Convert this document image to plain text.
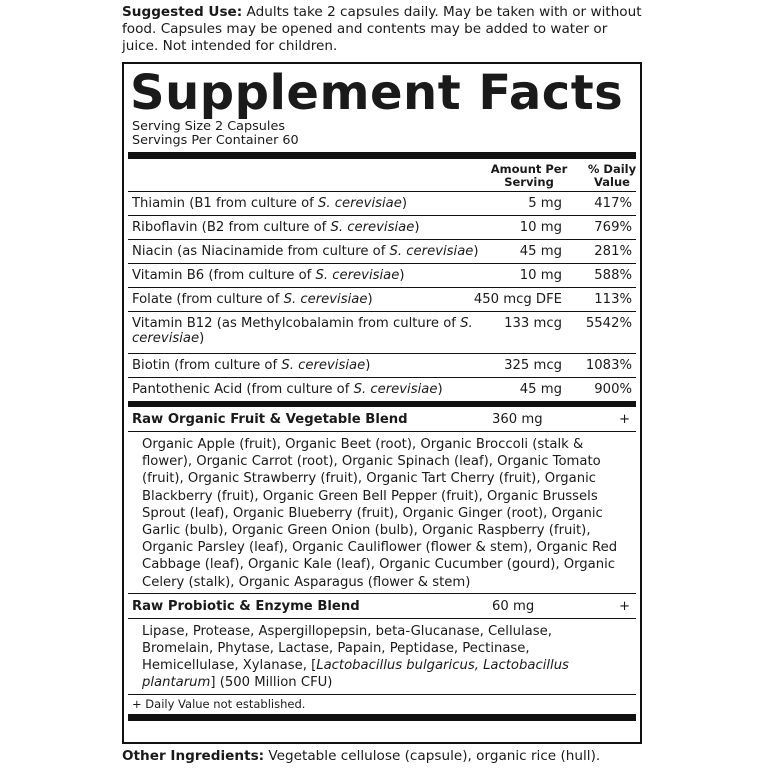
Suggested Use: Adults take 2 capsules daily. May be taken with or without food. Capsules may be opened and contents may be added to water or juice. Not intended for children.
Supplement Facts
Serving Size 2 Capsules
Servings Per Container 60
Amount Per Serving
% Daily Value
Thiamin (B1 from culture of S. cerevisiae)	5 mg 417%
Riboflavin (B2 from culture of S. cerevisiae)	10 mg 769%
Niacin (as Niacinamide from culture of S. cerevisiae)	45 mg 281%
Vitamin B6 (from culture of S. cerevisiae)	10 mg 588%
Folate (from culture of S. cerevisiae)	450 mcg DFE 113%
Vitamin B12 (as Methylcobalamin from culture of S. cerevisiae)
133 mcg 5542%
Biotin (from culture of S. cerevisiae)	325 mcg 1083%
Pantothenic Acid (from culture of S. cerevisiae)	45 mg 900%
Raw Organic Fruit & Vegetable Blend	360 mg	+
Organic Apple (fruit), Organic Beet (root), Organic Broccoli (stalk & flower), Organic Carrot (root), Organic Spinach (leaf), Organic Tomato (fruit), Organic Strawberry (fruit), Organic Tart Cherry (fruit), Organic Blackberry (fruit), Organic Green Bell Pepper (fruit), Organic Brussels Sprout (leaf), Organic Blueberry (fruit), Organic Ginger (root), Organic Garlic (bulb), Organic Green Onion (bulb), Organic Raspberry (fruit), Organic Parsley (leaf), Organic Cauliflower (flower & stem), Organic Red Cabbage (leaf), Organic Kale (leaf), Organic Cucumber (gourd), Organic Celery (stalk), Organic Asparagus (flower & stem)
Raw Probiotic & Enzyme Blend	60 mg	+
Lipase, Protease, Aspergillopepsin, beta-Glucanase, Cellulase, Bromelain, Phytase, Lactase, Papain, Peptidase, Pectinase, Hemicellulase, Xylanase, [Lactobacillus bulgaricus, Lactobacillus plantarum] (500 Million CFU)
+ Daily Value not established.
Other Ingredients: Vegetable cellulose (capsule), organic rice (hull).
